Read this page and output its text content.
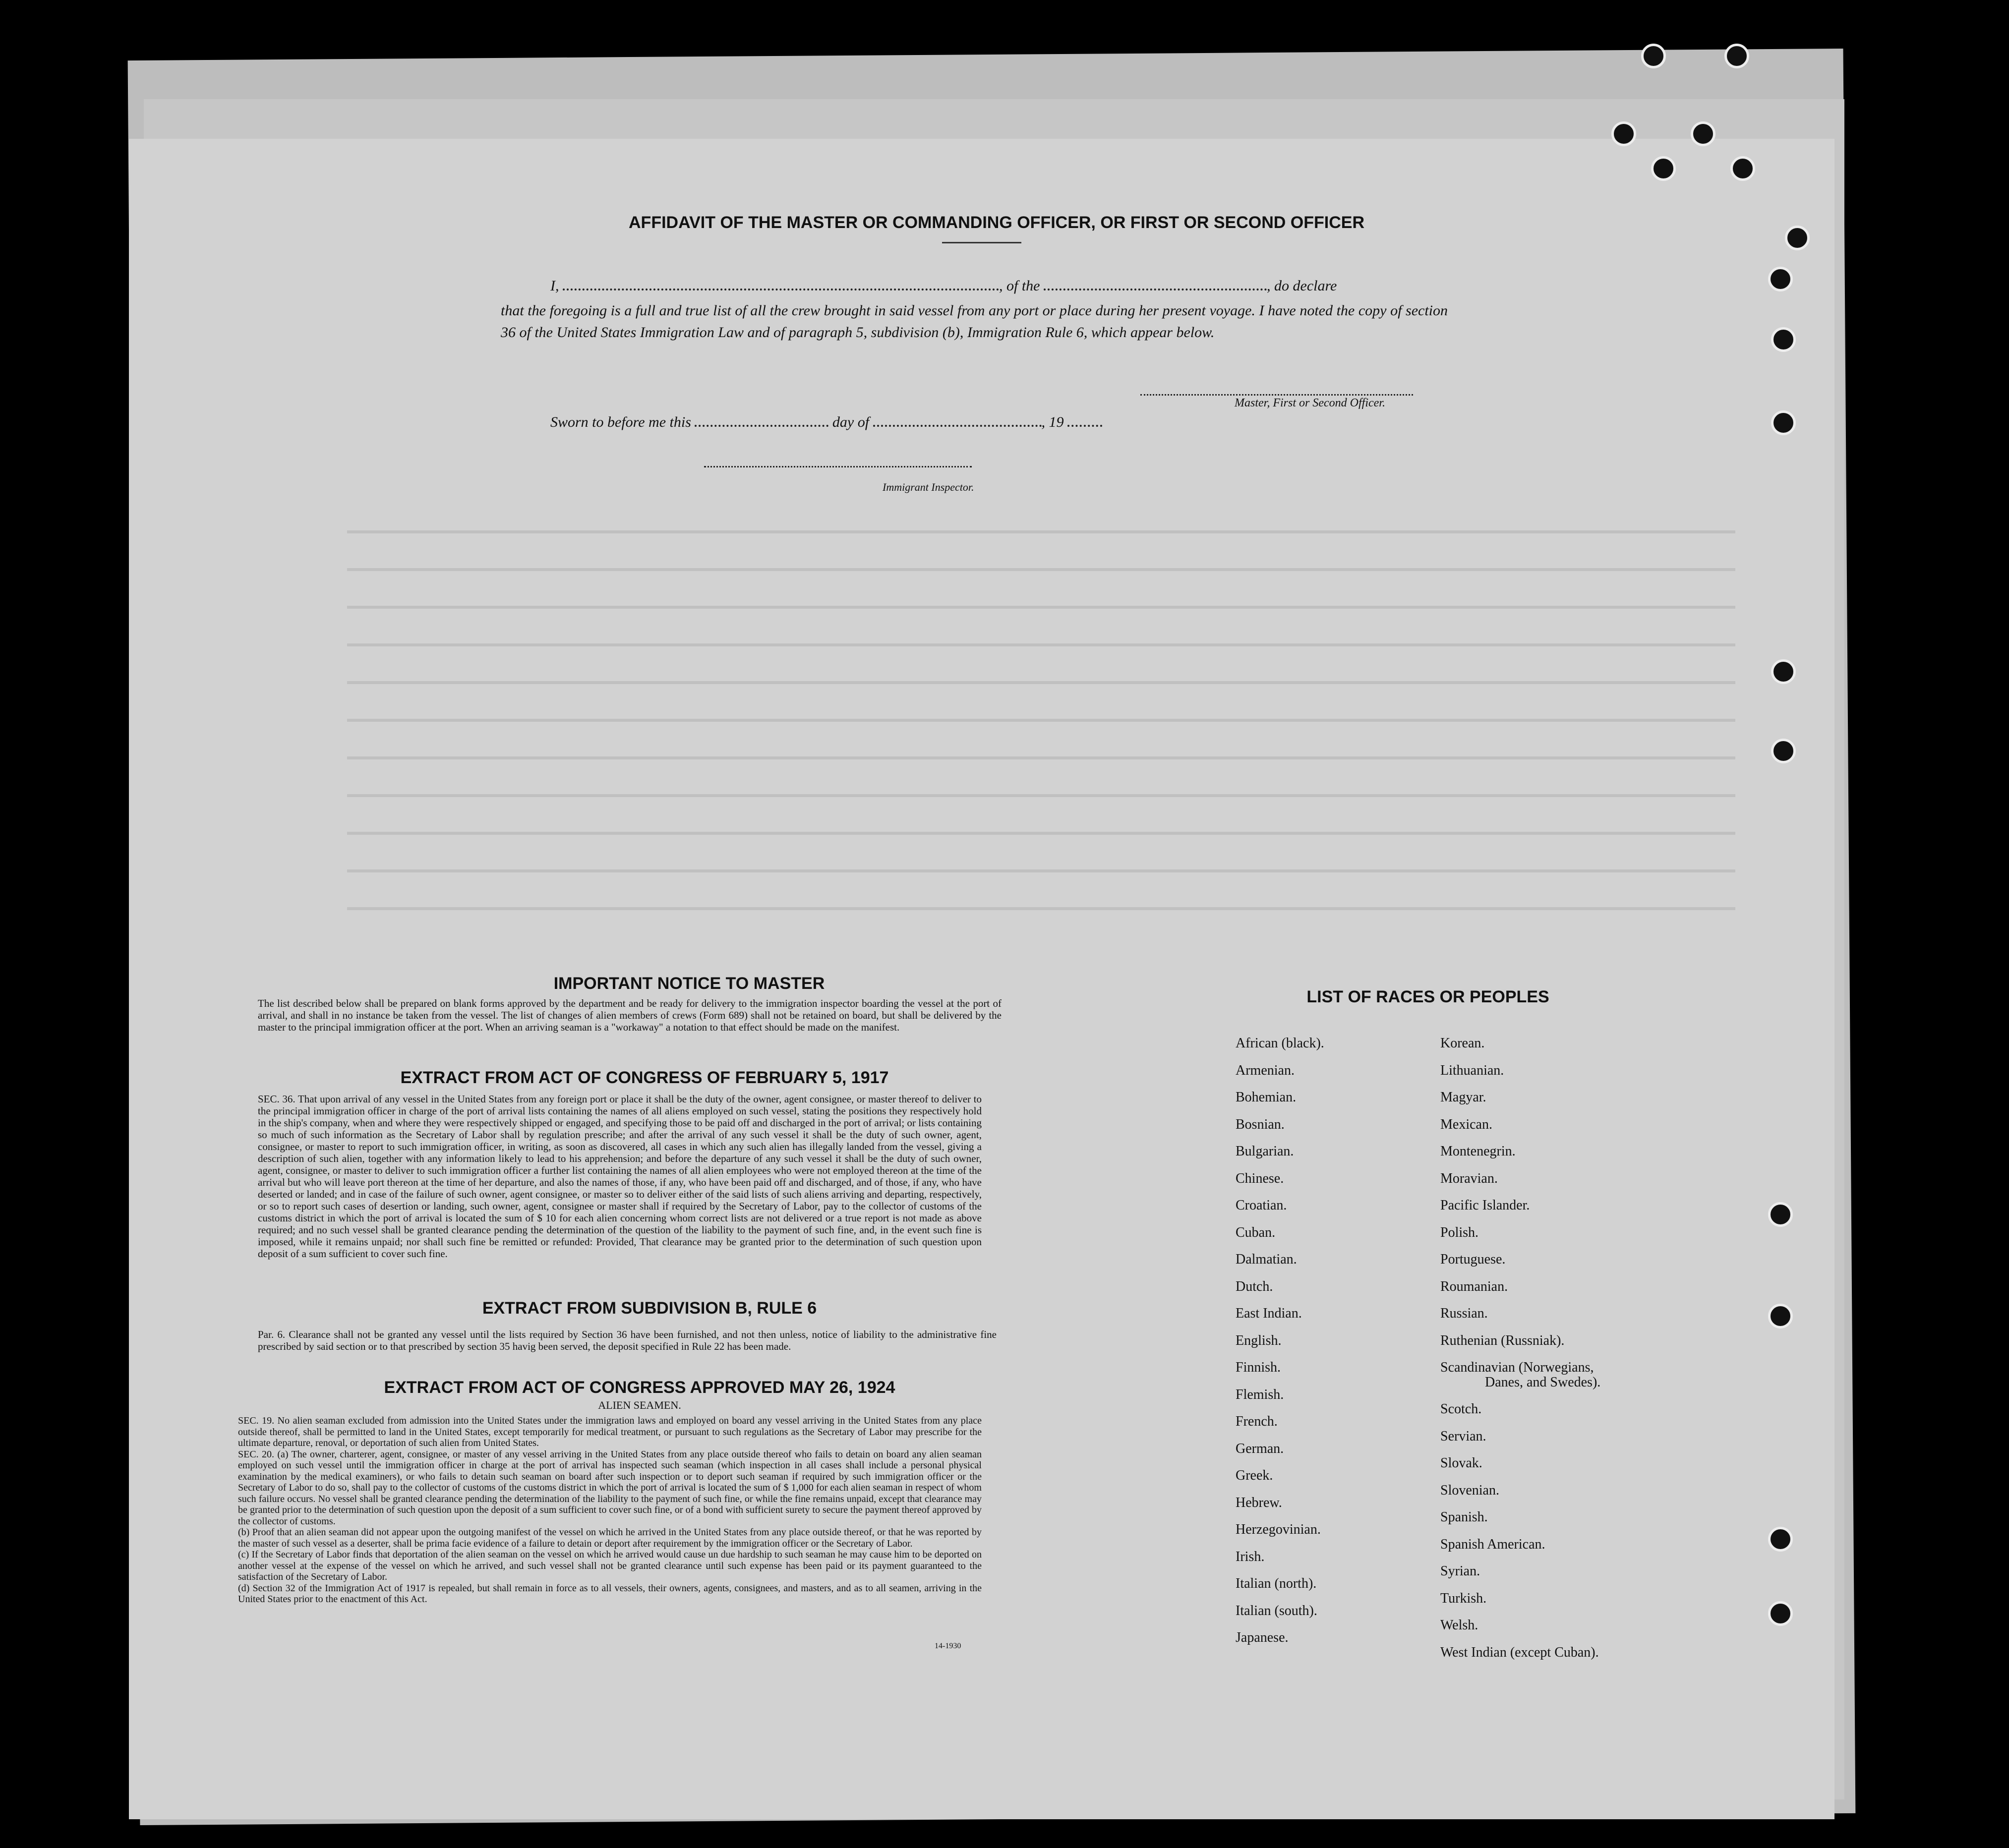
AFFIDAVIT OF THE MASTER OR COMMANDING OFFICER, OR FIRST OR SECOND OFFICER
I,	, of the	, do declare
that the foregoing is a full and true list of all the crew brought in said vessel from any port or place during her present voyage. I have noted the copy of section 36 of the United States Immigration Law and of paragraph 5, subdivision (b), Immigration Rule 6, which appear below.
Master, First or Second Officer.
Sworn to before me this	day of	, 19
Immigrant Inspector.
IMPORTANT NOTICE TO MASTER
The list described below shall be prepared on blank forms approved by the department and be ready for delivery to the immigration inspector boarding the vessel at the port of arrival, and shall in no instance be taken from the vessel. The list of changes of alien members of crews (Form 689) shall not be retained on board, but shall be delivered by the master to the principal immigration officer at the port. When an arriving seaman is a "workaway" a notation to that effect should be made on the manifest.
EXTRACT FROM ACT OF CONGRESS OF FEBRUARY 5, 1917
SEC. 36. That upon arrival of any vessel in the United States from any foreign port or place it shall be the duty of the owner, agent consignee, or master thereof to deliver to the principal immigration officer in charge of the port of arrival lists containing the names of all aliens employed on such vessel, stating the positions they respectively hold in the ship's company, when and where they were respectively shipped or engaged, and specifying those to be paid off and discharged in the port of arrival; or lists containing so much of such information as the Secretary of Labor shall by regulation prescribe; and after the arrival of any such vessel it shall be the duty of such owner, agent, consignee, or master to report to such immigration officer, in writing, as soon as discovered, all cases in which any such alien has illegally landed from the vessel, giving a description of such alien, together with any information likely to lead to his apprehension; and before the departure of any such vessel it shall be the duty of such owner, agent, consignee, or master to deliver to such immigration officer a further list containing the names of all alien employees who were not employed thereon at the time of the arrival but who will leave port thereon at the time of her departure, and also the names of those, if any, who have been paid off and discharged, and of those, if any, who have deserted or landed; and in case of the failure of such owner, agent consignee, or master so to deliver either of the said lists of such aliens arriving and departing, respectively, or so to report such cases of desertion or landing, such owner, agent, consignee or master shall if required by the Secretary of Labor, pay to the collector of customs of the customs district in which the port of arrival is located the sum of $ 10 for each alien concerning whom correct lists are not delivered or a true report is not made as above required; and no such vessel shall be granted clearance pending the determination of the question of the liability to the payment of such fine, and, in the event such fine is imposed, while it remains unpaid; nor shall such fine be remitted or refunded: Provided, That clearance may be granted prior to the determination of such question upon deposit of a sum sufficient to cover such fine.
EXTRACT FROM SUBDIVISION B, RULE 6
Par. 6. Clearance shall not be granted any vessel until the lists required by Section 36 have been furnished, and not then unless, notice of liability to the administrative fine prescribed by said section or to that prescribed by section 35 havig been served, the deposit specified in Rule 22 has been made.
EXTRACT FROM ACT OF CONGRESS APPROVED MAY 26, 1924
ALIEN SEAMEN.
SEC. 19. No alien seaman excluded from admission into the United States under the immigration laws and employed on board any vessel arriving in the United States from any place outside thereof, shall be permitted to land in the United States, except temporarily for medical treatment, or pursuant to such regulations as the Secretary of Labor may prescribe for the ultimate departure, renoval, or deportation of such alien from United States.
SEC. 20. (a) The owner, charterer, agent, consignee, or master of any vessel arriving in the United States from any place outside thereof who fails to detain on board any alien seaman employed on such vessel until the immigration officer in charge at the port of arrival has inspected such seaman (which inspection in all cases shall include a personal physical examination by the medical examiners), or who fails to detain such seaman on board after such inspection or to deport such seaman if required by such immigration officer or the Secretary of Labor to do so, shall pay to the collector of customs of the customs district in which the port of arrival is located the sum of $ 1,000 for each alien seaman in respect of whom such failure occurs. No vessel shall be granted clearance pending the determination of the liability to the payment of such fine, or while the fine remains unpaid, except that clearance may be granted prior to the determination of such question upon the deposit of a sum sufficient to cover such fine, or of a bond with sufficient surety to secure the payment thereof approved by the collector of customs.
(b) Proof that an alien seaman did not appear upon the outgoing manifest of the vessel on which he arrived in the United States from any place outside thereof, or that he was reported by the master of such vessel as a deserter, shall be prima facie evidence of a failure to detain or deport after requirement by the immigration officer or the Secretary of Labor.
(c) If the Secretary of Labor finds that deportation of the alien seaman on the vessel on which he arrived would cause un due hardship to such seaman he may cause him to be deported on another vessel at the expense of the vessel on which he arrived, and such vessel shall not be granted clearance until such expense has been paid or its payment guaranteed to the satisfaction of the Secretary of Labor.
(d) Section 32 of the Immigration Act of 1917 is repealed, but shall remain in force as to all vessels, their owners, agents, consignees, and masters, and as to all seamen, arriving in the United States prior to the enactment of this Act.
14-1930
LIST OF RACES OR PEOPLES
African (black).
Armenian.
Bohemian.
Bosnian.
Bulgarian.
Chinese.
Croatian.
Cuban.
Dalmatian.
Dutch.
East Indian.
English.
Finnish.
Flemish.
French.
German.
Greek.
Hebrew.
Herzegovinian.
Irish.
Italian (north).
Italian (south).
Japanese.
Korean.
Lithuanian.
Magyar.
Mexican.
Montenegrin.
Moravian.
Pacific Islander.
Polish.
Portuguese.
Roumanian.
Russian.
Ruthenian (Russniak).
Scandinavian (Norwegians,
Danes, and Swedes).
Scotch.
Servian.
Slovak.
Slovenian.
Spanish.
Spanish American.
Syrian.
Turkish.
Welsh.
West Indian (except Cuban).
